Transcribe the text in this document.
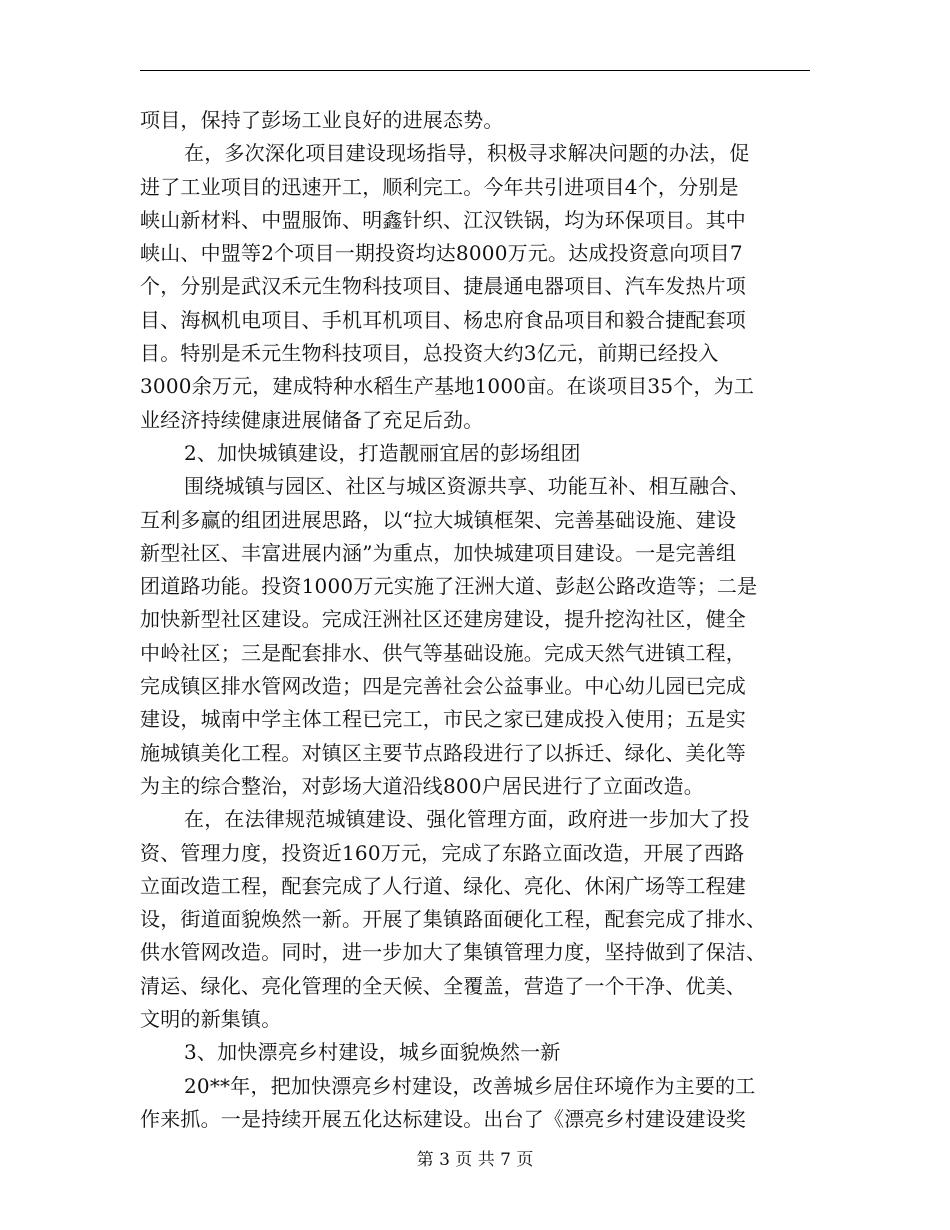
项目，保持了彭场工业良好的进展态势。
在，多次深化项目建设现场指导，积极寻求解决问题的办法，促
进了工业项目的迅速开工，顺利完工。今年共引进项目4个，分别是
峡山新材料、中盟服饰、明鑫针织、江汉铁锅，均为环保项目。其中
峡山、中盟等2个项目一期投资均达8000万元。达成投资意向项目7
个，分别是武汉禾元生物科技项目、捷晨通电器项目、汽车发热片项
目、海枫机电项目、手机耳机项目、杨忠府食品项目和毅合捷配套项
目。特别是禾元生物科技项目，总投资大约3亿元，前期已经投入
3000余万元，建成特种水稻生产基地1000亩。在谈项目35个，为工
业经济持续健康进展储备了充足后劲。
2、加快城镇建设，打造靓丽宜居的彭场组团
围绕城镇与园区、社区与城区资源共享、功能互补、相互融合、
互利多赢的组团进展思路，以“拉大城镇框架、完善基础设施、建设
新型社区、丰富进展内涵”为重点，加快城建项目建设。一是完善组
团道路功能。投资1000万元实施了汪洲大道、彭赵公路改造等；二是
加快新型社区建设。完成汪洲社区还建房建设，提升挖沟社区，健全
中岭社区；三是配套排水、供气等基础设施。完成天然气进镇工程，
完成镇区排水管网改造；四是完善社会公益事业。中心幼儿园已完成
建设，城南中学主体工程已完工，市民之家已建成投入使用；五是实
施城镇美化工程。对镇区主要节点路段进行了以拆迁、绿化、美化等
为主的综合整治，对彭场大道沿线800户居民进行了立面改造。
在，在法律规范城镇建设、强化管理方面，政府进一步加大了投
资、管理力度，投资近160万元，完成了东路立面改造，开展了西路
立面改造工程，配套完成了人行道、绿化、亮化、休闲广场等工程建
设，街道面貌焕然一新。开展了集镇路面硬化工程，配套完成了排水、
供水管网改造。同时，进一步加大了集镇管理力度，坚持做到了保洁、
清运、绿化、亮化管理的全天候、全覆盖，营造了一个干净、优美、
文明的新集镇。
3、加快漂亮乡村建设，城乡面貌焕然一新
20**年，把加快漂亮乡村建设，改善城乡居住环境作为主要的工
作来抓。一是持续开展五化达标建设。出台了《漂亮乡村建设建设奖
第 3 页 共 7 页
